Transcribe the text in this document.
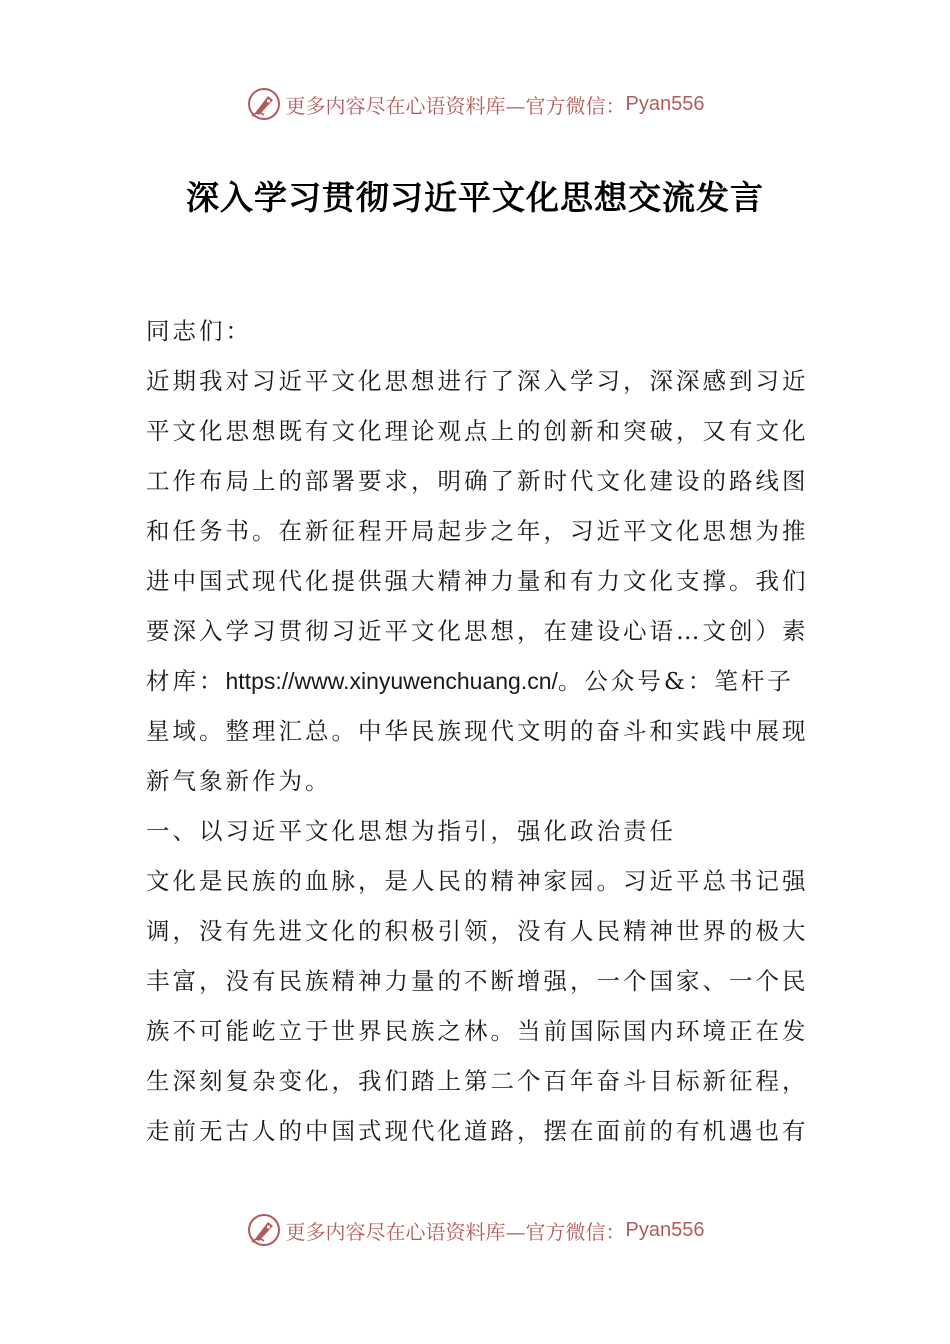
更多内容尽在心语资料库—官方微信： Pyan556
深入学习贯彻习近平文化思想交流发言
同志们：
近期我对习近平文化思想进行了深入学习，深深感到习近
平文化思想既有文化理论观点上的创新和突破，又有文化
工作布局上的部署要求，明确了新时代文化建设的路线图
和任务书。在新征程开局起步之年，习近平文化思想为推
进中国式现代化提供强大精神力量和有力文化支撑。我们
要深入学习贯彻习近平文化思想，在建设心语…文创）素
材库：https://www.xinyuwenchuang.cn/。公众号&：笔杆子
星域。整理汇总。中华民族现代文明的奋斗和实践中展现
新气象新作为。
一、以习近平文化思想为指引，强化政治责任
文化是民族的血脉，是人民的精神家园。习近平总书记强
调，没有先进文化的积极引领，没有人民精神世界的极大
丰富，没有民族精神力量的不断增强，一个国家、一个民
族不可能屹立于世界民族之林。当前国际国内环境正在发
生深刻复杂变化，我们踏上第二个百年奋斗目标新征程，
走前无古人的中国式现代化道路，摆在面前的有机遇也有
更多内容尽在心语资料库—官方微信： Pyan556
